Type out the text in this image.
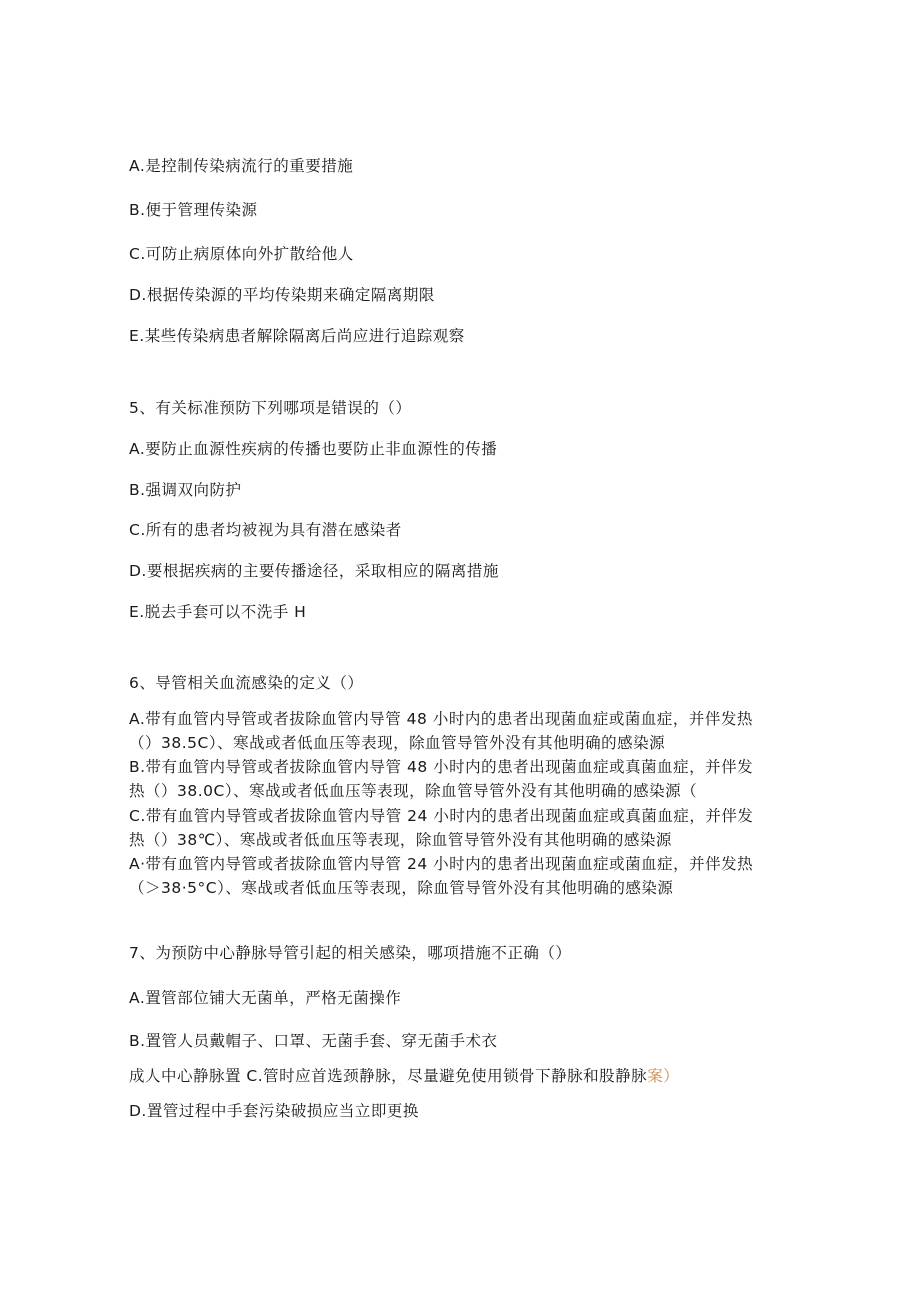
A.是控制传染病流行的重要措施
B.便于管理传染源
C.可防止病原体向外扩散给他人
D.根据传染源的平均传染期来确定隔离期限
E.某些传染病患者解除隔离后尚应进行追踪观察
5、有关标准预防下列哪项是错误的（）
A.要防止血源性疾病的传播也要防止非血源性的传播
B.强调双向防护
C.所有的患者均被视为具有潜在感染者
D.要根据疾病的主要传播途径，采取相应的隔离措施
E.脱去手套可以不洗手 H
6、导管相关血流感染的定义（）
A.带有血管内导管或者拔除血管内导管 48 小时内的患者出现菌血症或菌血症，并伴发热
（）38.5C）、寒战或者低血压等表现，除血管导管外没有其他明确的感染源
B.带有血管内导管或者拔除血管内导管 48 小时内的患者出现菌血症或真菌血症，并伴发
热（）38.0C）、寒战或者低血压等表现，除血管导管外没有其他明确的感染源（
C.带有血管内导管或者拔除血管内导管 24 小时内的患者出现菌血症或真菌血症，并伴发
热（）38℃）、寒战或者低血压等表现，除血管导管外没有其他明确的感染源
A·带有血管内导管或者拔除血管内导管 24 小时内的患者出现菌血症或菌血症，并伴发热
（＞38·5°C）、寒战或者低血压等表现，除血管导管外没有其他明确的感染源
7、为预防中心静脉导管引起的相关感染，哪项措施不正确（）
A.置管部位铺大无菌单，严格无菌操作
B.置管人员戴帽子、口罩、无菌手套、穿无菌手术衣
成人中心静脉置 C.管时应首选颈静脉，尽量避免使用锁骨下静脉和股静脉案）
D.置管过程中手套污染破损应当立即更换
